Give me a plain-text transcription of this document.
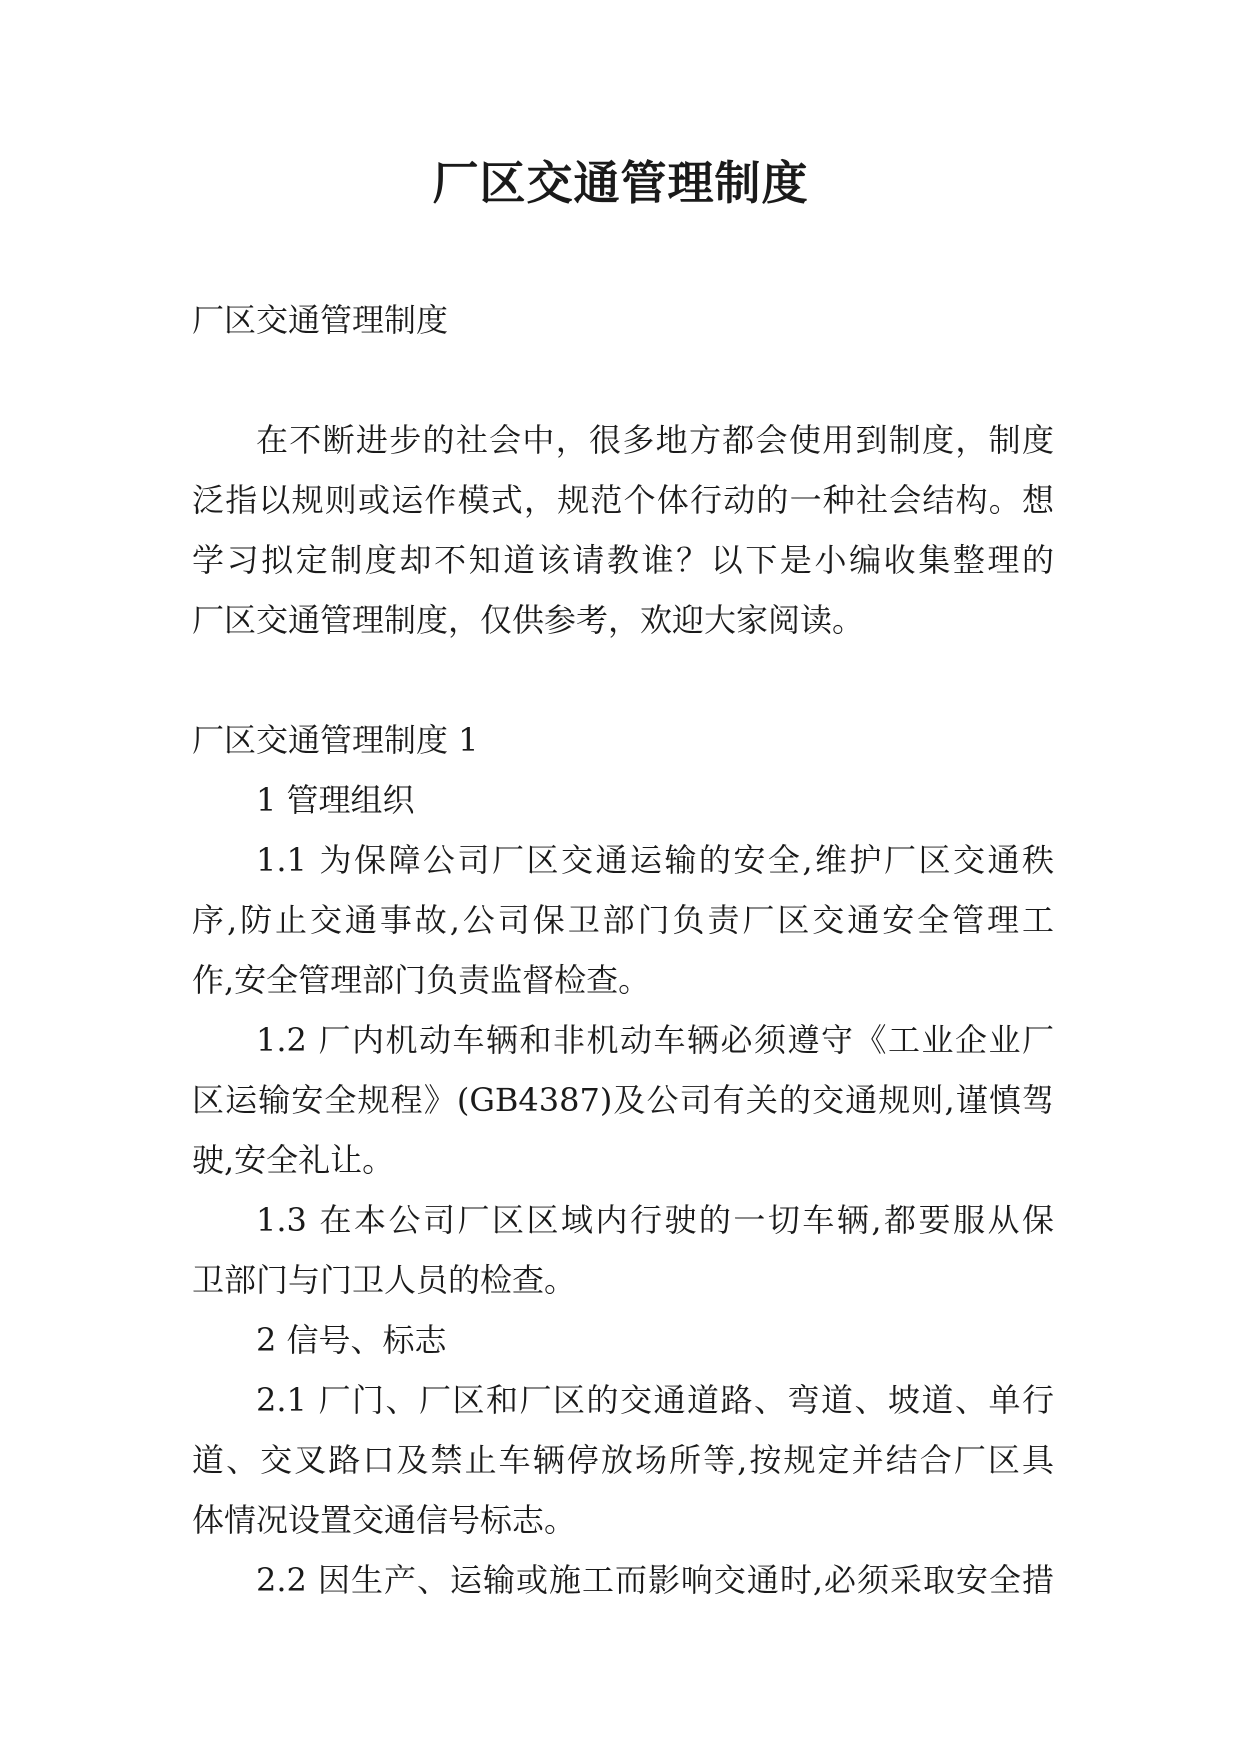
厂区交通管理制度
厂区交通管理制度
在不断进步的社会中，很多地方都会使用到制度，制度
泛指以规则或运作模式，规范个体行动的一种社会结构。想
学习拟定制度却不知道该请教谁？以下是小编收集整理的
厂区交通管理制度，仅供参考，欢迎大家阅读。
厂区交通管理制度 1
1 管理组织
1.1 为保障公司厂区交通运输的安全,维护厂区交通秩
序,防止交通事故,公司保卫部门负责厂区交通安全管理工
作,安全管理部门负责监督检查。
1.2 厂内机动车辆和非机动车辆必须遵守《工业企业厂
区运输安全规程》(GB4387)及公司有关的交通规则,谨慎驾
驶,安全礼让。
1.3 在本公司厂区区域内行驶的一切车辆,都要服从保
卫部门与门卫人员的检查。
2 信号、标志
2.1 厂门、厂区和厂区的交通道路、弯道、坡道、单行
道、交叉路口及禁止车辆停放场所等,按规定并结合厂区具
体情况设置交通信号标志。
2.2 因生产、运输或施工而影响交通时,必须采取安全措
